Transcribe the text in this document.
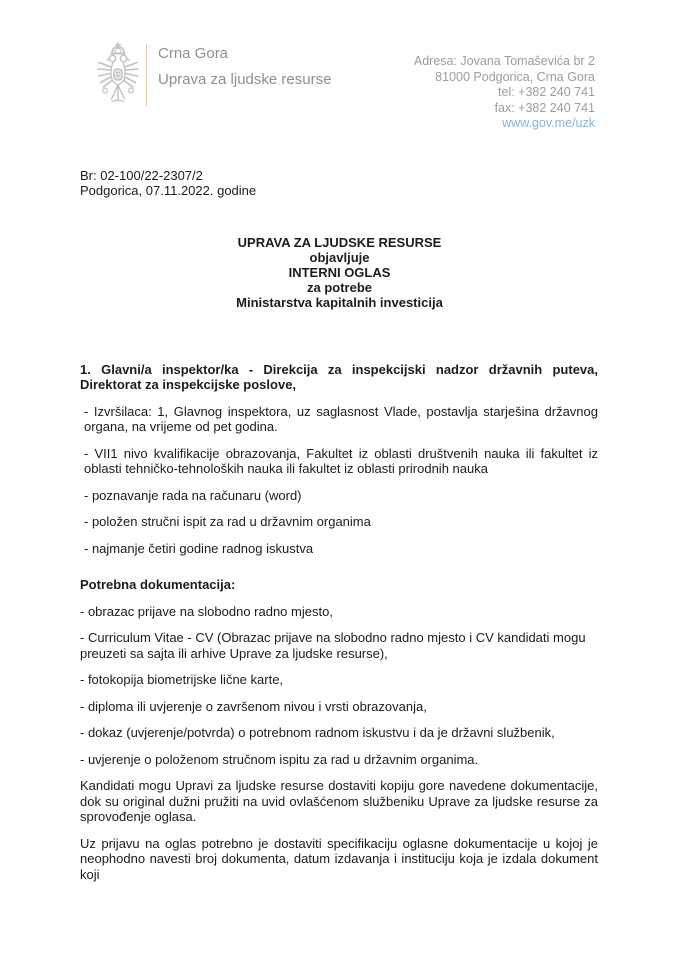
Crna Gora
Uprava za ljudske resurse
Adresa: Jovana Tomaševića br 2
81000 Podgorica, Crna Gora
tel: +382 240 741
fax: +382 240 741
www.gov.me/uzk
Br: 02-100/22-2307/2
Podgorica, 07.11.2022. godine
UPRAVA ZA LJUDSKE RESURSE
objavljuje
INTERNI OGLAS
za potrebe
Ministarstva kapitalnih investicija

1. Glavni/a inspektor/ka - Direkcija za inspekcijski nadzor državnih puteva, Direktorat za inspekcijske poslove,

- Izvršilaca: 1, Glavnog inspektora, uz saglasnost Vlade, postavlja starješina državnog organa, na vrijeme od pet godina.

- VII1 nivo kvalifikacije obrazovanja, Fakultet iz oblasti društvenih nauka ili fakultet iz oblasti tehničko-tehnoloških nauka ili fakultet iz oblasti prirodnih nauka

- poznavanje rada na računaru (word)

- položen stručni ispit za rad u državnim organima

- najmanje četiri godine radnog iskustva

Potrebna dokumentacija:

- obrazac prijave na slobodno radno mjesto,

- Curriculum Vitae - CV (Obrazac prijave na slobodno radno mjesto i CV kandidati mogu preuzeti sa sajta ili arhive Uprave za ljudske resurse),

- fotokopija biometrijske lične karte,

- diploma ili uvjerenje o završenom nivou i vrsti obrazovanja,

- dokaz (uvjerenje/potvrda) o potrebnom radnom iskustvu i da je državni službenik,

- uvjerenje o položenom stručnom ispitu za rad u državnim organima.

Kandidati mogu Upravi za ljudske resurse dostaviti kopiju gore navedene dokumentacije, dok su original dužni pružiti na uvid ovlašćenom službeniku Uprave za ljudske resurse za sprovođenje oglasa.

Uz prijavu na oglas potrebno je dostaviti specifikaciju oglasne dokumentacije u kojoj je neophodno navesti broj dokumenta, datum izdavanja i instituciju koja je izdala dokument koji
